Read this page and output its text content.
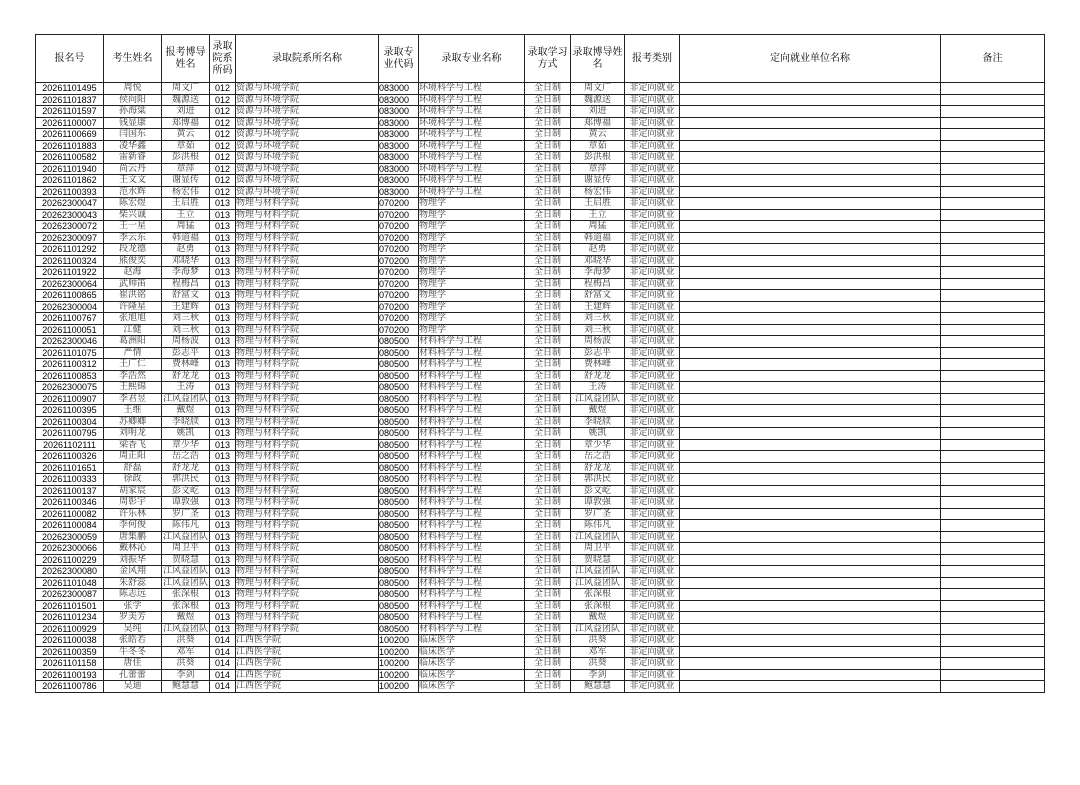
报名号	考生姓名	报考博导姓名	录取院系所码	录取院系所名称	录取专业代码	录取专业名称	录取学习方式	录取博导姓名	报考类别	定向就业单位名称	备注
20261101495	周悦	周文广	012	资源与环境学院	083000	环境科学与工程	全日制	周文广	非定向就业		
20261101837	侯向阳	魏源送	012	资源与环境学院	083000	环境科学与工程	全日制	魏源送	非定向就业		
20261101597	孙海粱	刘进	012	资源与环境学院	083000	环境科学与工程	全日制	刘进	非定向就业		
20261100007	钱显康	郑博福	012	资源与环境学院	083000	环境科学与工程	全日制	郑博福	非定向就业		
20261100669	闫国东	黄云	012	资源与环境学院	083000	环境科学与工程	全日制	黄云	非定向就业		
20261101883	凌华鑫	章茹	012	资源与环境学院	083000	环境科学与工程	全日制	章茹	非定向就业		
20261100582	雷新睿	彭洪根	012	资源与环境学院	083000	环境科学与工程	全日制	彭洪根	非定向就业		
20261101940	尚云丹	章萍	012	资源与环境学院	083000	环境科学与工程	全日制	章萍	非定向就业		
20261101862	王文文	谢显传	012	资源与环境学院	083000	环境科学与工程	全日制	谢显传	非定向就业		
20261100393	范水辉	杨宏伟	012	资源与环境学院	083000	环境科学与工程	全日制	杨宏伟	非定向就业		
20262300047	陈宏煜	王启胜	013	物理与材料学院	070200	物理学	全日制	王启胜	非定向就业		
20262300043	柴兴诚	王立	013	物理与材料学院	070200	物理学	全日制	王立	非定向就业		
20262300072	王一星	周猛	013	物理与材料学院	070200	物理学	全日制	周猛	非定向就业		
20262300097	李云东	韩道福	013	物理与材料学院	070200	物理学	全日制	韩道福	非定向就业		
20261101292	段龙德	赵勇	013	物理与材料学院	070200	物理学	全日制	赵勇	非定向就业		
20261100324	熊俊奕	邓晓华	013	物理与材料学院	070200	物理学	全日制	邓晓华	非定向就业		
20261101922	赵海	李海梦	013	物理与材料学院	070200	物理学	全日制	李海梦	非定向就业		
20262300064	武帅笛	程梅昌	013	物理与材料学院	070200	物理学	全日制	程梅昌	非定向就业		
20261100865	崔洪铭	舒富文	013	物理与材料学院	070200	物理学	全日制	舒富文	非定向就业		
20262300004	许隆星	王建辉	013	物理与材料学院	070200	物理学	全日制	王建辉	非定向就业		
20261100767	张旭旭	刘三秋	013	物理与材料学院	070200	物理学	全日制	刘三秋	非定向就业		
20261100051	江健	刘三秋	013	物理与材料学院	070200	物理学	全日制	刘三秋	非定向就业		
20262300046	葛洲阳	周杨波	013	物理与材料学院	080500	材料科学与工程	全日制	周杨波	非定向就业		
20261101075	严情	彭志平	013	物理与材料学院	080500	材料科学与工程	全日制	彭志平	非定向就业		
20261100312	王广仁	费林峰	013	物理与材料学院	080500	材料科学与工程	全日制	费林峰	非定向就业		
20261100853	李浩然	舒龙龙	013	物理与材料学院	080500	材料科学与工程	全日制	舒龙龙	非定向就业		
20262300075	王熙锦	王涛	013	物理与材料学院	080500	材料科学与工程	全日制	王涛	非定向就业		
20261100907	李君昱	江风益团队	013	物理与材料学院	080500	材料科学与工程	全日制	江风益团队	非定向就业		
20261100395	王维	戴煜	013	物理与材料学院	080500	材料科学与工程	全日制	戴煜	非定向就业		
20261100304	苏卿卿	李晓牍	013	物理与材料学院	080500	材料科学与工程	全日制	李晓牍	非定向就业		
20261100795	刘明龙	姚凯	013	物理与材料学院	080500	材料科学与工程	全日制	姚凯	非定向就业		
20261102111	梁香飞	章少华	013	物理与材料学院	080500	材料科学与工程	全日制	章少华	非定向就业		
20261100326	周正阳	岳之浩	013	物理与材料学院	080500	材料科学与工程	全日制	岳之浩	非定向就业		
20261101651	舒磊	舒龙龙	013	物理与材料学院	080500	材料科学与工程	全日制	舒龙龙	非定向就业		
20261100333	徐政	郭洪民	013	物理与材料学院	080500	材料科学与工程	全日制	郭洪民	非定向就业		
20261100137	胡家宸	彭文屹	013	物理与材料学院	080500	材料科学与工程	全日制	彭文屹	非定向就业		
20261100346	周彰宇	谭敦强	013	物理与材料学院	080500	材料科学与工程	全日制	谭敦强	非定向就业		
20261100082	许乐林	罗广圣	013	物理与材料学院	080500	材料科学与工程	全日制	罗广圣	非定向就业		
20261100084	李何俊	陈伟凡	013	物理与材料学院	080500	材料科学与工程	全日制	陈伟凡	非定向就业		
20262300059	唐集鹏	江风益团队	013	物理与材料学院	080500	材料科学与工程	全日制	江风益团队	非定向就业		
20262300066	戴林沁	周卫平	013	物理与材料学院	080500	材料科学与工程	全日制	周卫平	非定向就业		
20261100229	刘振华	贺晓慧	013	物理与材料学院	080500	材料科学与工程	全日制	贺晓慧	非定向就业		
20262300080	金风翔	江风益团队	013	物理与材料学院	080500	材料科学与工程	全日制	江风益团队	非定向就业		
20261101048	朱舒蕊	江风益团队	013	物理与材料学院	080500	材料科学与工程	全日制	江风益团队	非定向就业		
20262300087	陈志远	张深根	013	物理与材料学院	080500	材料科学与工程	全日制	张深根	非定向就业		
20261101501	张学	张深根	013	物理与材料学院	080500	材料科学与工程	全日制	张深根	非定向就业		
20261101234	罗美芳	戴煜	013	物理与材料学院	080500	材料科学与工程	全日制	戴煜	非定向就业		
20261100929	吴纯	江风益团队	013	物理与材料学院	080500	材料科学与工程	全日制	江风益团队	非定向就业		
20261100038	张皓若	洪葵	014	江西医学院	100200	临床医学	全日制	洪葵	非定向就业		
20261100359	牛冬冬	邓军	014	江西医学院	100200	临床医学	全日制	邓军	非定向就业		
20261101158	唐佳	洪葵	014	江西医学院	100200	临床医学	全日制	洪葵	非定向就业		
20261100193	孔蕾蕾	李剑	014	江西医学院	100200	临床医学	全日制	李剑	非定向就业		
20261100786	吴迪	鲍慧慧	014	江西医学院	100200	临床医学	全日制	鲍慧慧	非定向就业		
